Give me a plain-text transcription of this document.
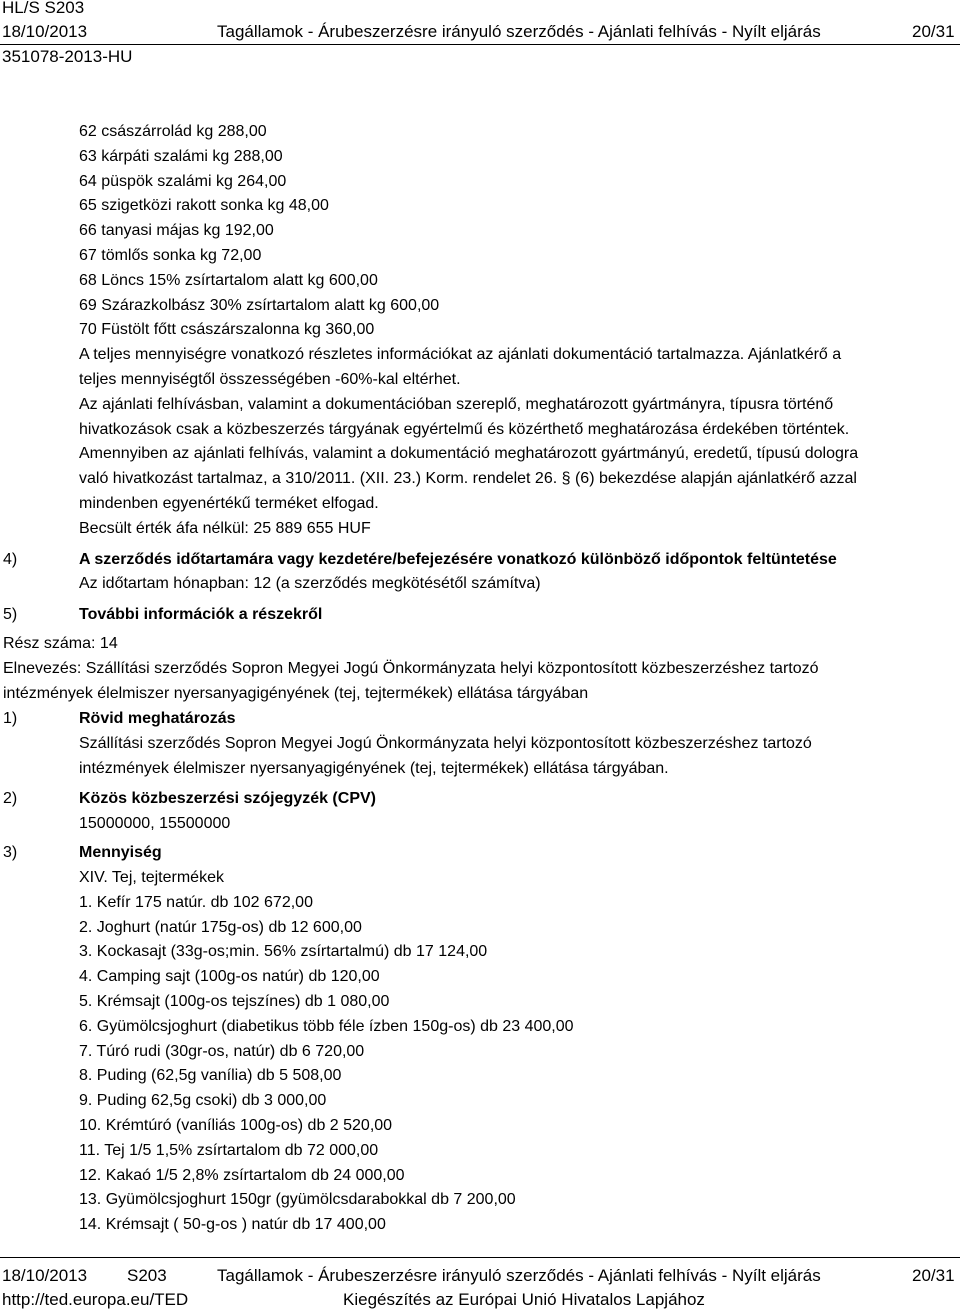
HL/S S203
18/10/2013	Tagállamok - Árubeszerzésre irányuló szerződés - Ajánlati felhívás - Nyílt eljárás	20/31
351078-2013-HU
62 császárrolád kg 288,00
63 kárpáti szalámi kg 288,00
64 püspök szalámi kg 264,00
65 szigetközi rakott sonka kg 48,00
66 tanyasi májas kg 192,00
67 tömlős sonka kg 72,00
68 Löncs 15% zsírtartalom alatt kg 600,00
69 Szárazkolbász 30% zsírtartalom alatt kg 600,00
70 Füstölt főtt császárszalonna kg 360,00
A teljes mennyiségre vonatkozó részletes információkat az ajánlati dokumentáció tartalmazza. Ajánlatkérő a
teljes mennyiségtől összességében -60%-kal eltérhet.
Az ajánlati felhívásban, valamint a dokumentációban szereplő, meghatározott gyártmányra, típusra történő
hivatkozások csak a közbeszerzés tárgyának egyértelmű és közérthető meghatározása érdekében történtek.
Amennyiben az ajánlati felhívás, valamint a dokumentáció meghatározott gyártmányú, eredetű, típusú dologra
való hivatkozást tartalmaz, a 310/2011. (XII. 23.) Korm. rendelet 26. § (6) bekezdése alapján ajánlatkérő azzal
mindenben egyenértékű terméket elfogad.
Becsült érték áfa nélkül: 25 889 655 HUF
4)	A szerződés időtartamára vagy kezdetére/befejezésére vonatkozó különböző időpontok feltüntetése
Az időtartam hónapban: 12 (a szerződés megkötésétől számítva)
5)	További információk a részekről
Rész száma: 14
Elnevezés: Szállítási szerződés Sopron Megyei Jogú Önkormányzata helyi központosított közbeszerzéshez tartozó
intézmények élelmiszer nyersanyagigényének (tej, tejtermékek) ellátása tárgyában
1)	Rövid meghatározás
Szállítási szerződés Sopron Megyei Jogú Önkormányzata helyi központosított közbeszerzéshez tartozó
intézmények élelmiszer nyersanyagigényének (tej, tejtermékek) ellátása tárgyában.
2)	Közös közbeszerzési szójegyzék (CPV)
15000000, 15500000
3)	Mennyiség
XIV. Tej, tejtermékek
1. Kefír 175 natúr. db 102 672,00
2. Joghurt (natúr 175g-os) db 12 600,00
3. Kockasajt (33g-os;min. 56% zsírtartalmú) db 17 124,00
4. Camping sajt (100g-os natúr) db 120,00
5. Krémsajt (100g-os tejszínes) db 1 080,00
6. Gyümölcsjoghurt (diabetikus több féle ízben 150g-os) db 23 400,00
7. Túró rudi (30gr-os, natúr) db 6 720,00
8. Puding (62,5g vanília) db 5 508,00
9. Puding 62,5g csoki) db 3 000,00
10. Krémtúró (vaníliás 100g-os) db 2 520,00
11. Tej 1/5 1,5% zsírtartalom db 72 000,00
12. Kakaó 1/5 2,8% zsírtartalom db 24 000,00
13. Gyümölcsjoghurt 150gr (gyümölcsdarabokkal db 7 200,00
14. Krémsajt ( 50-g-os ) natúr db 17 400,00
18/10/2013 S203	Tagállamok - Árubeszerzésre irányuló szerződés - Ajánlati felhívás - Nyílt eljárás	20/31
http://ted.europa.eu/TED	Kiegészítés az Európai Unió Hivatalos Lapjához
